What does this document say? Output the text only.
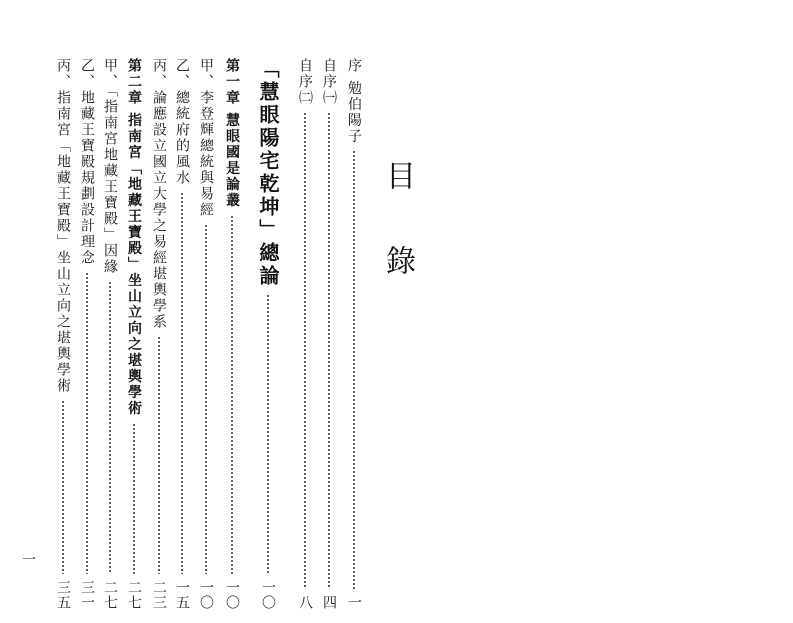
目錄
序 勉伯陽子
一
自序㈠
四
自序㈡
八
「慧眼陽宅乾坤」總論
一〇
第一章 慧眼國是論叢
一〇
甲、李登輝總統與易經
一〇
乙、總統府的風水
一五
丙、論應設立國立大學之易經堪輿學系
二三
第二章 指南宮「地藏王寶殿」坐山立向之堪輿學術
二七
甲、「指南宮地藏王寶殿」因緣
二七
乙、地藏王寶殿規劃設計理念
三一
丙、指南宮「地藏王寶殿」坐山立向之堪輿學術
三五
一
